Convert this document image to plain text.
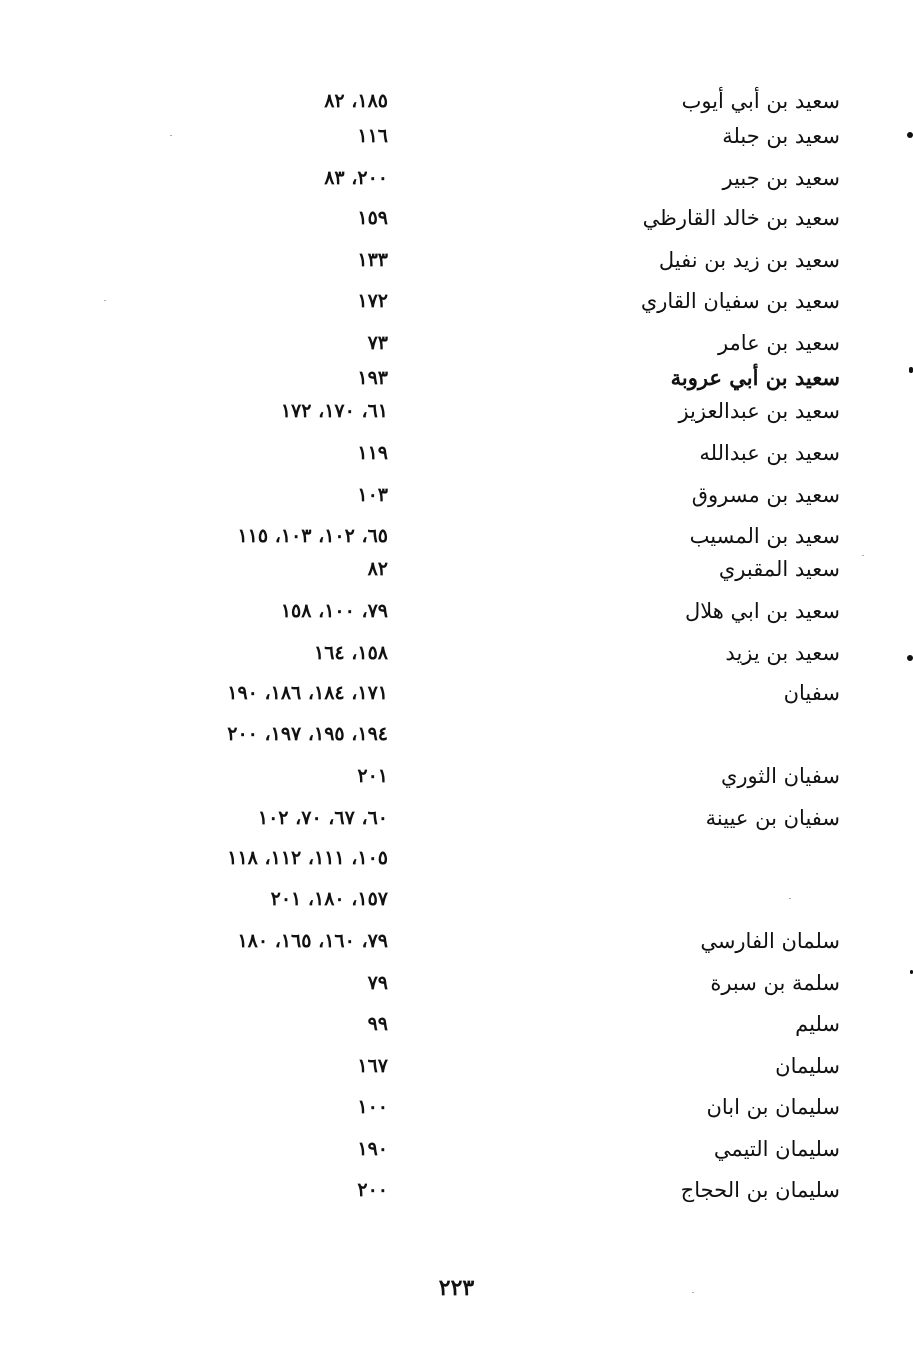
سعيد بن أبي أيوب
١٨٥، ٨٢
سعيد بن جبلة
١١٦
سعيد بن جبير
٢٠٠، ٨٣
سعيد بن خالد القارظي
١٥٩
سعيد بن زيد بن نفيل
١٣٣
سعيد بن سفيان القاري
١٧٢
سعيد بن عامر
٧٣
سعيد بن أبي عروبة
١٩٣
سعيد بن عبدالعزيز
٦١، ١٧٠، ١٧٢
سعيد بن عبدالله
١١٩
سعيد بن مسروق
١٠٣
سعيد بن المسيب
٦٥، ١٠٢، ١٠٣، ١١٥
سعيد المقبري
٨٢
سعيد بن ابي هلال
٧٩، ١٠٠، ١٥٨
سعيد بن يزيد
١٥٨، ١٦٤
سفيان
١٧١، ١٨٤، ١٨٦، ١٩٠
١٩٤، ١٩٥، ١٩٧، ٢٠٠
سفيان الثوري
٢٠١
سفيان بن عيينة
٦٠، ٦٧، ٧٠، ١٠٢
١٠٥، ١١١، ١١٢، ١١٨
١٥٧، ١٨٠، ٢٠١
سلمان الفارسي
٧٩، ١٦٠، ١٦٥، ١٨٠
سلمة بن سبرة
٧٩
سليم
٩٩
سليمان
١٦٧
سليمان بن ابان
١٠٠
سليمان التيمي
١٩٠
سليمان بن الحجاج
٢٠٠
٢٢٣
